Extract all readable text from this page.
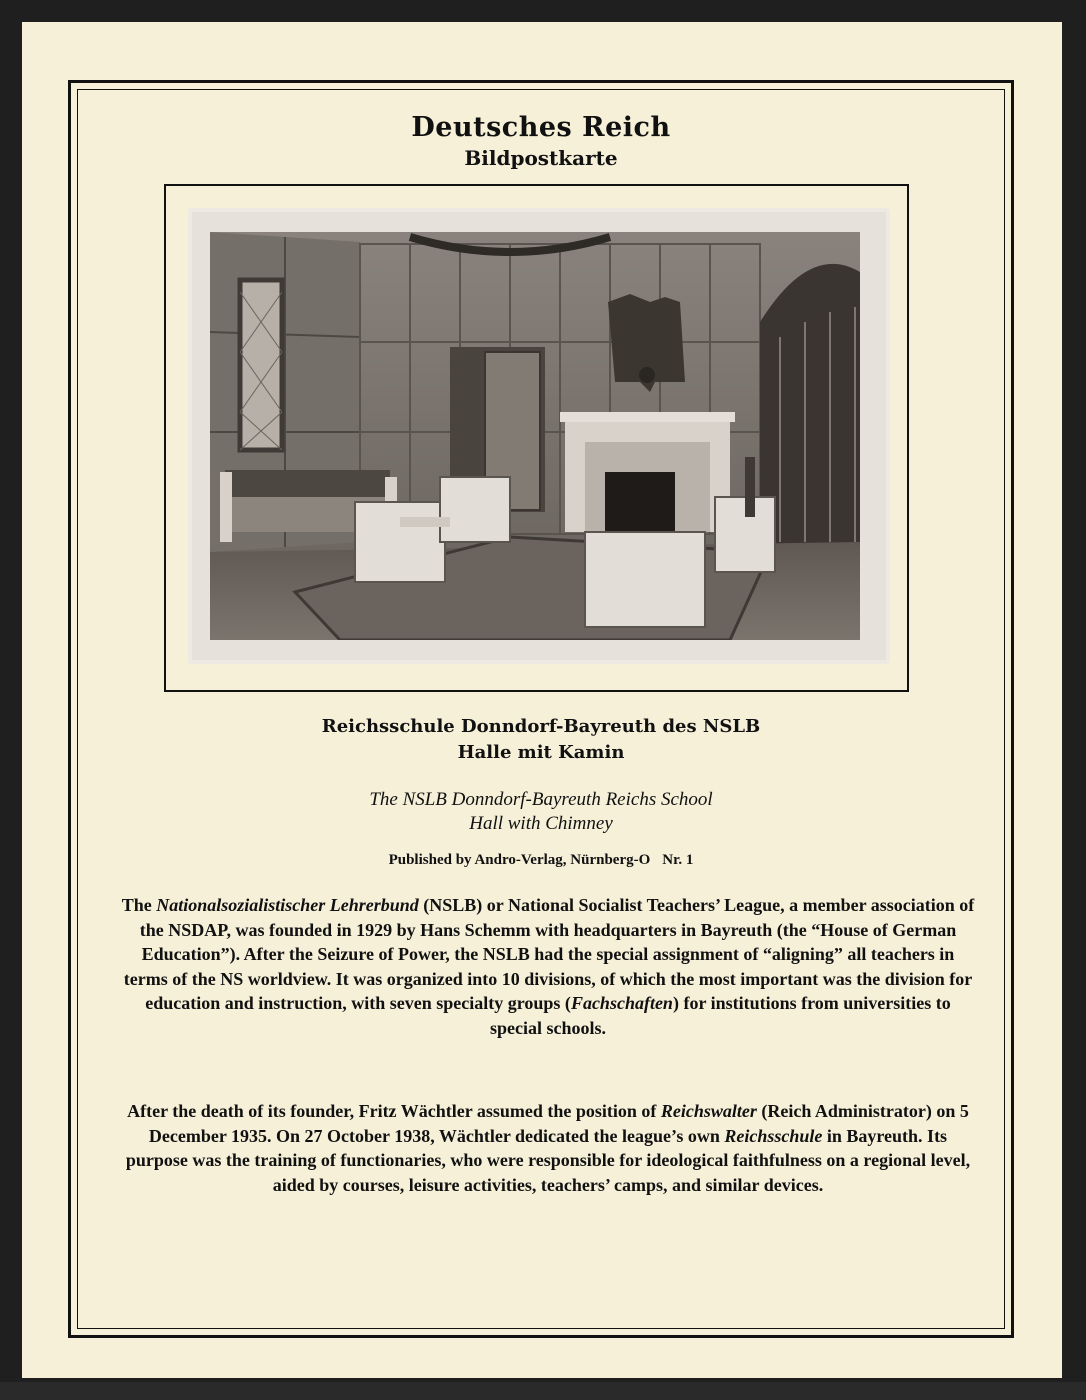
Deutsches Reich
Bildpostkarte
Reichsschule Donndorf-Bayreuth des NSLB
Halle mit Kamin
The NSLB Donndorf-Bayreuth Reichs School
Hall with Chimney
Published by Andro-Verlag, Nürnberg-O Nr. 1
The Nationalsozialistischer Lehrerbund (NSLB) or National Socialist Teachers’ League, a member association of the NSDAP, was founded in 1929 by Hans Schemm with headquarters in Bayreuth (the “House of German Education”). After the Seizure of Power, the NSLB had the special assignment of “aligning” all teachers in terms of the NS worldview. It was organized into 10 divisions, of which the most important was the division for education and instruction, with seven specialty groups (Fachschaften) for institutions from universities to special schools.
After the death of its founder, Fritz Wächtler assumed the position of Reichswalter (Reich Administrator) on 5 December 1935. On 27 October 1938, Wächtler dedicated the league’s own Reichsschule in Bayreuth. Its purpose was the training of functionaries, who were responsible for ideological faithfulness on a regional level, aided by courses, leisure activities, teachers’ camps, and similar devices.
